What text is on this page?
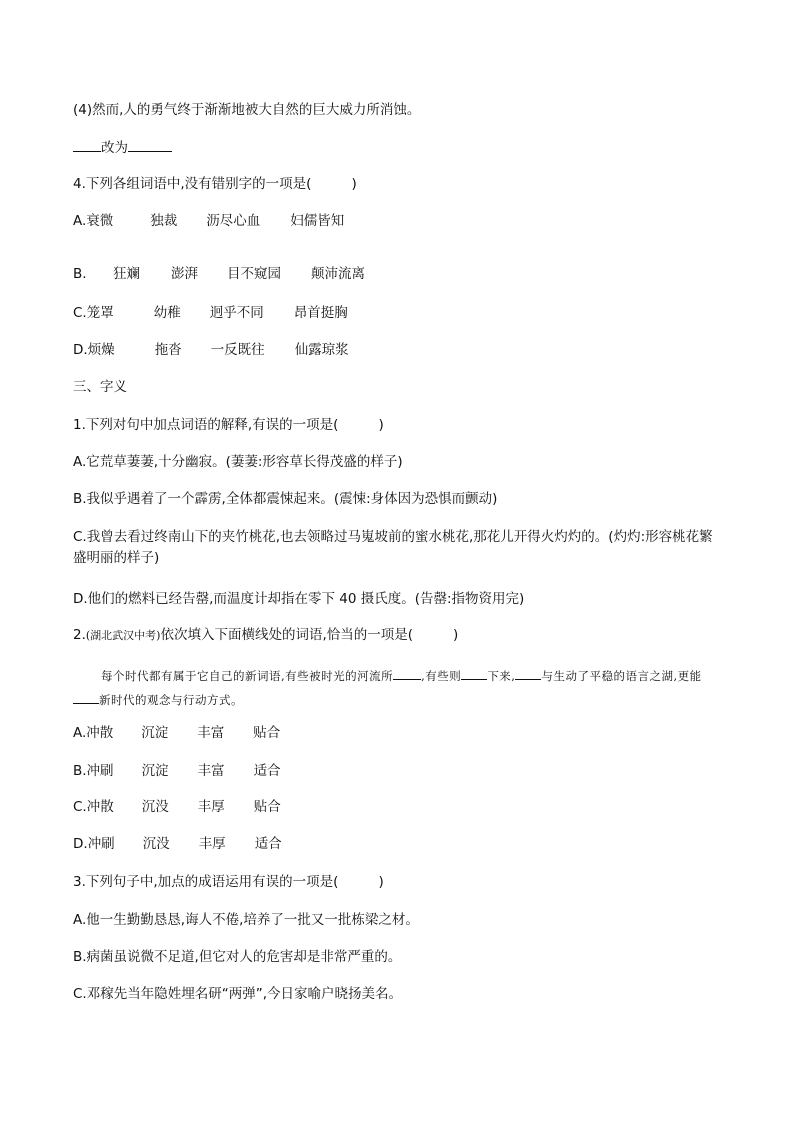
(4)然而,人的勇气终于渐渐地被大自然的巨大威力所消蚀。
改为
4.下列各组词语中,没有错别字的一项是(	)
A.衰微	独裁 沥尽心血 妇儒皆知
B. 狂斓 澎湃 目不窥园 颠沛流离
C.笼罩	幼稚 迥乎不同 昂首挺胸
D.烦燥	拖沓 一反既往 仙露琼浆
三、字义
1.下列对句中加点词语的解释,有误的一项是(	)
A.它荒草萋萋,十分幽寂。(萋萋:形容草长得茂盛的样子)
B.我似乎遇着了一个霹雳,全体都震悚起来。(震悚:身体因为恐惧而颤动)
C.我曾去看过终南山下的夹竹桃花,也去领略过马嵬坡前的蜜水桃花,那花儿开得火灼灼的。(灼灼:形容桃花繁盛明丽的样子)
D.他们的燃料已经告罄,而温度计却指在零下 40 摄氏度。(告罄:指物资用完)
2.(湖北武汉中考)依次填入下面横线处的词语,恰当的一项是(	)
每个时代都有属于它自己的新词语,有些被时光的河流所 ,有些则 下来, 与生动了平稳的语言之湖,更能新时代的观念与行动方式。
A.冲散 沉淀 丰富 贴合
B.冲刷 沉淀 丰富 适合
C.冲散 沉没 丰厚 贴合
D.冲刷 沉没 丰厚 适合
3.下列句子中,加点的成语运用有误的一项是(	)
A.他一生勤勤恳恳,诲人不倦,培养了一批又一批栋梁之材。
B.病菌虽说微不足道,但它对人的危害却是非常严重的。
C.邓稼先当年隐姓埋名研“两弹”,今日家喻户晓扬美名。
